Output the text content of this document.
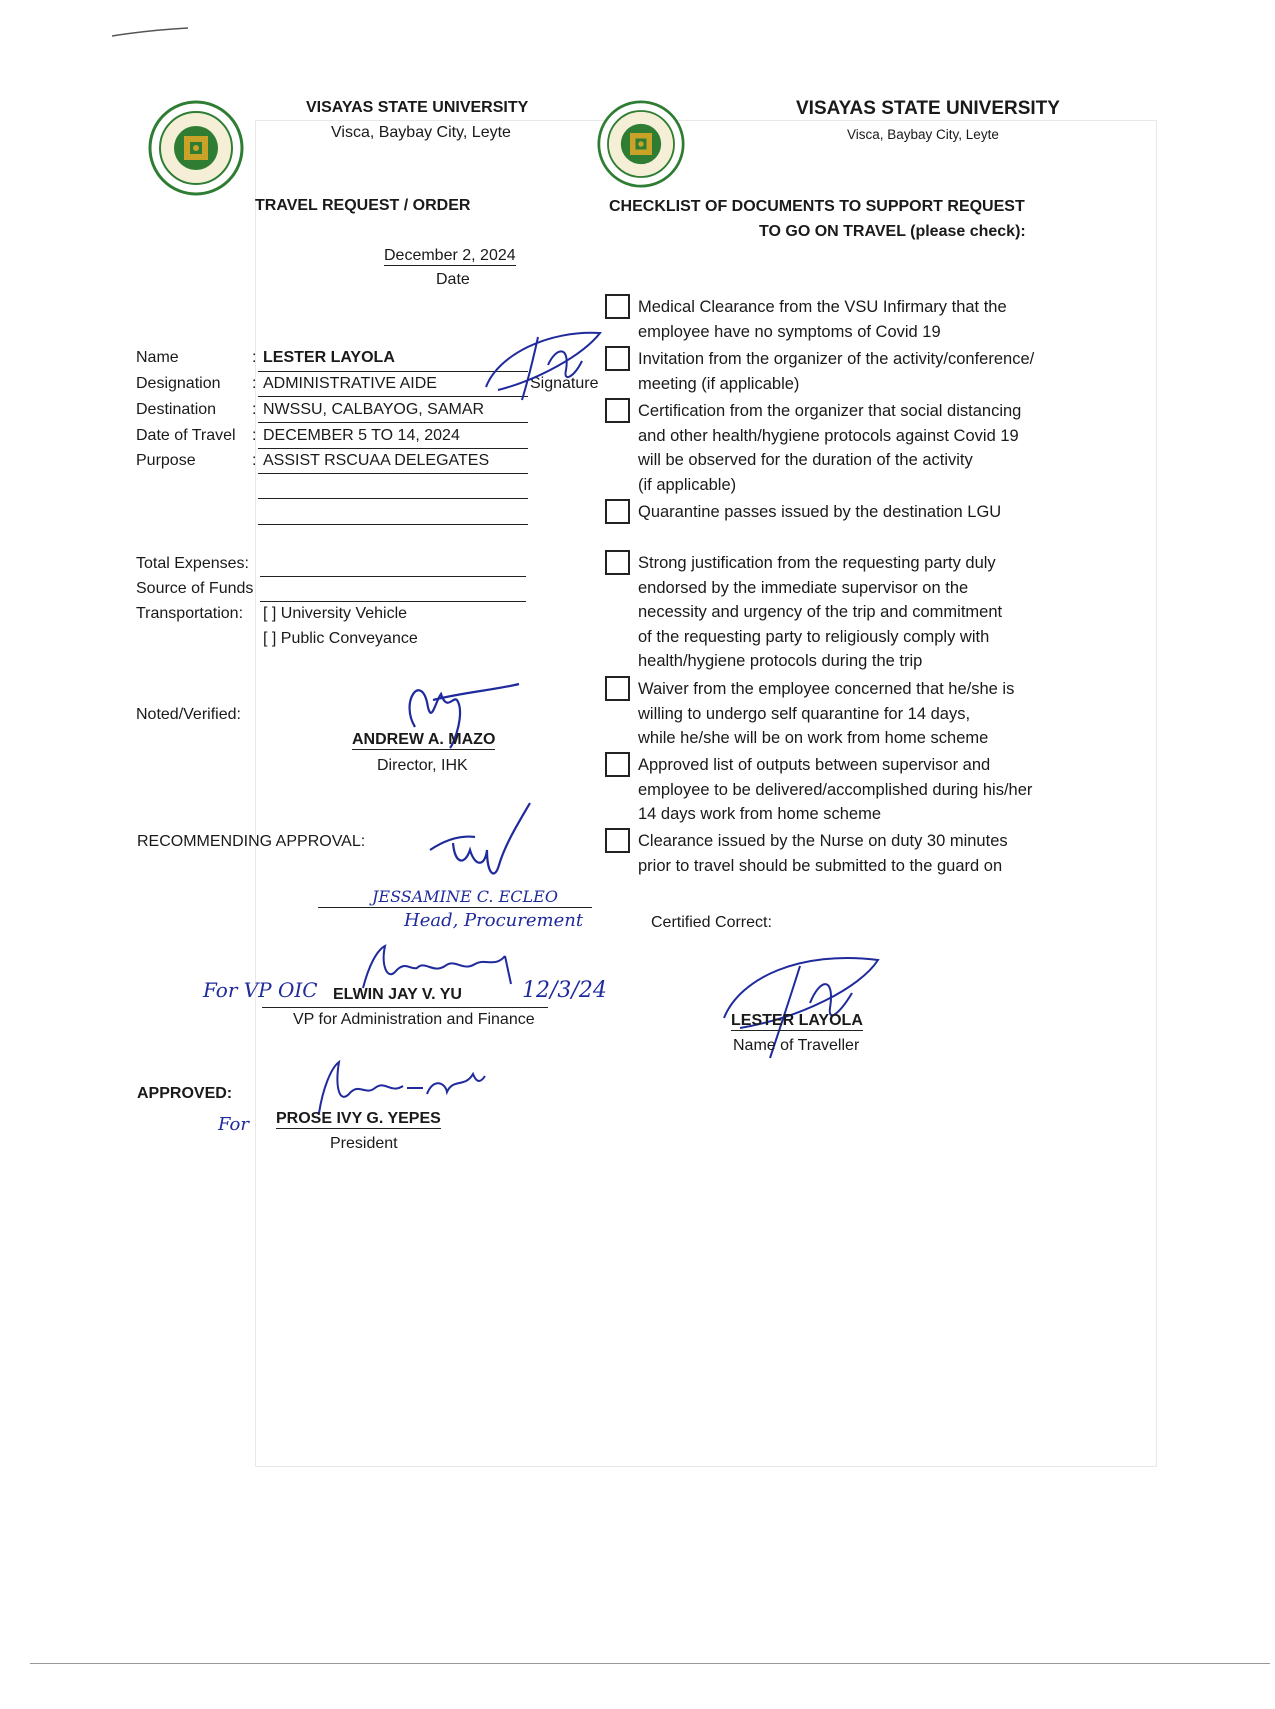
VISAYAS STATE UNIVERSITY
Visca, Baybay City, Leyte
TRAVEL REQUEST / ORDER
December 2, 2024
Date
VISAYAS STATE UNIVERSITY
Visca, Baybay City, Leyte
CHECKLIST OF DOCUMENTS TO SUPPORT REQUEST
TO GO ON TRAVEL (please check):
Name	: LESTER LAYOLA
Designation : ADMINISTRATIVE AIDE
Destination : NWSSU, CALBAYOG, SAMAR
Date of Travel : DECEMBER 5 TO 14, 2024
Purpose	: ASSIST RSCUAA DELEGATES
Signature
Total Expenses:
Source of Funds
Transportation: [ ] University Vehicle
[ ] Public Conveyance
Medical Clearance from the VSU Infirmary that the
employee have no symptoms of Covid 19
Invitation from the organizer of the activity/conference/
meeting (if applicable)
Certification from the organizer that social distancing
and other health/hygiene protocols against Covid 19
will be observed for the duration of the activity
(if applicable)
Quarantine passes issued by the destination LGU
Strong justification from the requesting party duly
endorsed by the immediate supervisor on the
necessity and urgency of the trip and commitment
of the requesting party to religiously comply with
health/hygiene protocols during the trip
Waiver from the employee concerned that he/she is
willing to undergo self quarantine for 14 days,
while he/she will be on work from home scheme
Approved list of outputs between supervisor and
employee to be delivered/accomplished during his/her
14 days work from home scheme
Clearance issued by the Nurse on duty 30 minutes
prior to travel should be submitted to the guard on
Noted/Verified:
ANDREW A. MAZO
Director, IHK
RECOMMENDING APPROVAL:
JESSAMINE C. ECLEO
Head, Procurement
For VP OIC	12/3/24
ELWIN JAY V. YU
VP for Administration and Finance
APPROVED:
For PROSE IVY G. YEPES
President
Certified Correct:
LESTER LAYOLA
Name of Traveller
